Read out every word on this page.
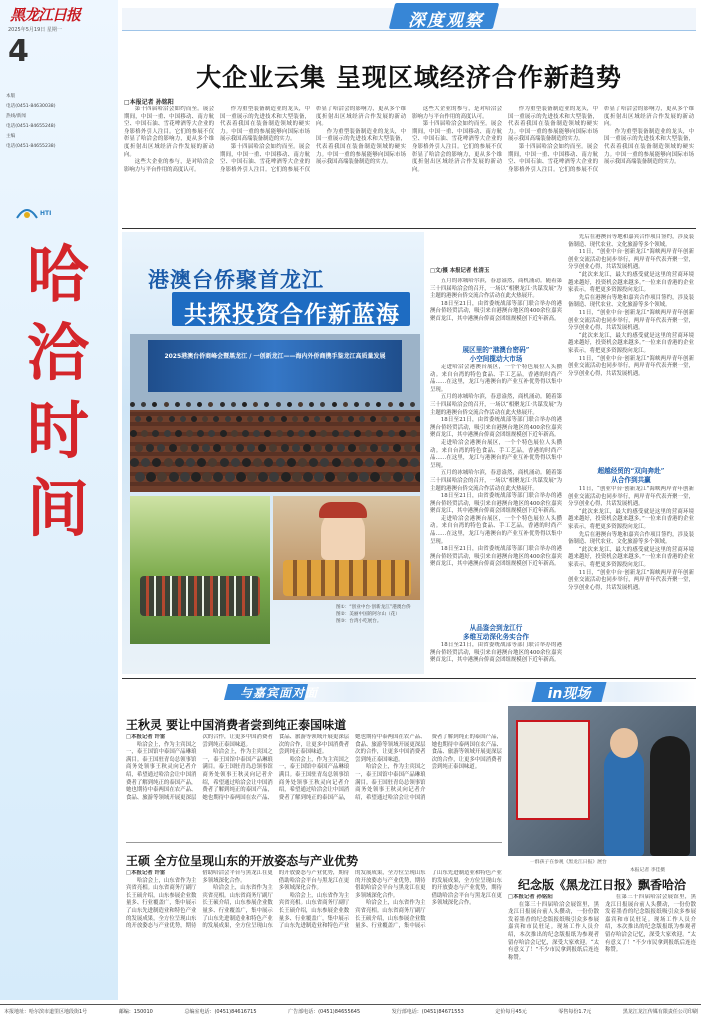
黑龙江日报
2025年5月19日 星期一
4
本版
电话(0451-84630038)
热线/新闻
电话(0451-84655248)
主编
电话(0451-84655238)
HTI
哈洽时间
深度观察
大企业云集 呈现区域经济合作新趋势
□本报记者 孙铭阳

第十四届哈洽会如约而至。展会期间，中国一重、中国移动、南方航空、中国石油、雪花啤酒等大企业的身影格外引人注目。它们的参展不仅彰显了哈洽会的影响力，更从多个维度折射出区域经济合作发展的新动向。

这些大企业的参与，是对哈洽会影响力与平台作用的高度认可。

作为重型装备制造业的龙头，中国一重展示的先进技术和大型装备，代表着我国在装备制造领域的硬实力。中国一重的参展能够向国际市场展示我国高端装备制造的实力。

第十四届哈洽会如约而至。展会期间，中国一重、中国移动、南方航空、中国石油、雪花啤酒等大企业的身影格外引人注目。它们的参展不仅彰显了哈洽会的影响力，更从多个维度折射出区域经济合作发展的新动向。

作为重型装备制造业的龙头，中国一重展示的先进技术和大型装备，代表着我国在装备制造领域的硬实力。中国一重的参展能够向国际市场展示我国高端装备制造的实力。

这些大企业的参与，是对哈洽会影响力与平台作用的高度认可。

第十四届哈洽会如约而至。展会期间，中国一重、中国移动、南方航空、中国石油、雪花啤酒等大企业的身影格外引人注目。它们的参展不仅彰显了哈洽会的影响力，更从多个维度折射出区域经济合作发展的新动向。

作为重型装备制造业的龙头，中国一重展示的先进技术和大型装备，代表着我国在装备制造领域的硬实力。中国一重的参展能够向国际市场展示我国高端装备制造的实力。

第十四届哈洽会如约而至。展会期间，中国一重、中国移动、南方航空、中国石油、雪花啤酒等大企业的身影格外引人注目。它们的参展不仅彰显了哈洽会的影响力，更从多个维度折射出区域经济合作发展的新动向。

作为重型装备制造业的龙头，中国一重展示的先进技术和大型装备，代表着我国在装备制造领域的硬实力。中国一重的参展能够向国际市场展示我国高端装备制造的实力。

港澳台侨聚首龙江
共探投资合作新蓝海
2025港澳台侨商峰会暨黑龙江 / 一创新龙江——海内外侨商携手鉴龙江高质量发展
图①：“创业中台·创新龙江”港澳台侨
图②：美丽中国的阿尔山（花）
图③：台湾小吃展台。
□文/摄 本报记者 杜清玉

五月的冰城哈尔滨，春意盎然，商机涌动。随着第三十四届哈洽会的召开，一场以“相聚龙江·共谋发展”为主题的港澳台侨交流合作活动在此火热展开。

18日至21日，由省委统战部等部门联合举办的港澳台侨经贸活动，吸引来自港澳台地区的400余位嘉宾聚首龙江，其中港澳台侨商会团组规模创下近年新高。

展区里的“港澳台密码”
小空间揽动大市场

走进哈洽会港澳台展区，一个个特色展位人头攒动。来自台湾的特色食品、手工艺品，香港的时尚产品……在这里，龙江与港澳台的产业互补优势得以集中呈现。

五月的冰城哈尔滨，春意盎然，商机涌动。随着第三十四届哈洽会的召开，一场以“相聚龙江·共谋发展”为主题的港澳台侨交流合作活动在此火热展开。

18日至21日，由省委统战部等部门联合举办的港澳台侨经贸活动，吸引来自港澳台地区的400余位嘉宾聚首龙江，其中港澳台侨商会团组规模创下近年新高。

走进哈洽会港澳台展区，一个个特色展位人头攒动。来自台湾的特色食品、手工艺品，香港的时尚产品……在这里，龙江与港澳台的产业互补优势得以集中呈现。

五月的冰城哈尔滨，春意盎然，商机涌动。随着第三十四届哈洽会的召开，一场以“相聚龙江·共谋发展”为主题的港澳台侨交流合作活动在此火热展开。

18日至21日，由省委统战部等部门联合举办的港澳台侨经贸活动，吸引来自港澳台地区的400余位嘉宾聚首龙江，其中港澳台侨商会团组规模创下近年新高。

走进哈洽会港澳台展区，一个个特色展位人头攒动。来自台湾的特色食品、手工艺品，香港的时尚产品……在这里，龙江与港澳台的产业互补优势得以集中呈现。

18日至21日，由省委统战部等部门联合举办的港澳台侨经贸活动，吸引来自港澳台地区的400余位嘉宾聚首龙江，其中港澳台侨商会团组规模创下近年新高。

从品鉴会到龙江行
多维互动深化务实合作

18日至21日，由省委统战部等部门联合举办的港澳台侨经贸活动，吸引来自港澳台地区的400余位嘉宾聚首龙江，其中港澳台侨商会团组规模创下近年新高。

先后在港澳台等地和嘉宾合作项目签约，涉及装备制造、现代农业、文化旅游等多个领域。

11日，“创业中台·创新龙江”海峡两岸青年创新创业交流活动也同步举行，两岸青年代表齐聚一堂，分享创业心得，共话发展机遇。

“此次来龙江，最大的感受就是这里的营商环境越来越好，投资机会越来越多。”一位来自香港的企业家表示，将把更多资源投向龙江。

先后在港澳台等地和嘉宾合作项目签约，涉及装备制造、现代农业、文化旅游等多个领域。

11日，“创业中台·创新龙江”海峡两岸青年创新创业交流活动也同步举行，两岸青年代表齐聚一堂，分享创业心得，共话发展机遇。

“此次来龙江，最大的感受就是这里的营商环境越来越好，投资机会越来越多。”一位来自香港的企业家表示，将把更多资源投向龙江。

11日，“创业中台·创新龙江”海峡两岸青年创新创业交流活动也同步举行，两岸青年代表齐聚一堂，分享创业心得，共话发展机遇。

超越经贸的“双向奔赴”
从合作到共赢

11日，“创业中台·创新龙江”海峡两岸青年创新创业交流活动也同步举行，两岸青年代表齐聚一堂，分享创业心得，共话发展机遇。

“此次来龙江，最大的感受就是这里的营商环境越来越好，投资机会越来越多。”一位来自香港的企业家表示，将把更多资源投向龙江。

先后在港澳台等地和嘉宾合作项目签约，涉及装备制造、现代农业、文化旅游等多个领域。

“此次来龙江，最大的感受就是这里的营商环境越来越好，投资机会越来越多。”一位来自香港的企业家表示，将把更多资源投向龙江。

11日，“创业中台·创新龙江”海峡两岸青年创新创业交流活动也同步举行，两岸青年代表齐聚一堂，分享创业心得，共话发展机遇。

与嘉宾面对面
王秋灵 要让中国消费者尝到纯正泰国味道

□本报记者 许雷

哈洽会上，作为主宾国之一，泰王国馆中泰国产品琳琅满目。泰王国驻青岛总领事馆商务处领事王秋灵向记者介绍，希望通过哈洽会让中国消费者了解到纯正的泰国产品，她也期待中泰两国在农产品、食品、旅游等领域开展更深层次的合作，让更多中国消费者尝到纯正泰国味道。

哈洽会上，作为主宾国之一，泰王国馆中泰国产品琳琅满目。泰王国驻青岛总领事馆商务处领事王秋灵向记者介绍，希望通过哈洽会让中国消费者了解到纯正的泰国产品，她也期待中泰两国在农产品、食品、旅游等领域开展更深层次的合作，让更多中国消费者尝到纯正泰国味道。

哈洽会上，作为主宾国之一，泰王国馆中泰国产品琳琅满目。泰王国驻青岛总领事馆商务处领事王秋灵向记者介绍，希望通过哈洽会让中国消费者了解到纯正的泰国产品，她也期待中泰两国在农产品、食品、旅游等领域开展更深层次的合作，让更多中国消费者尝到纯正泰国味道。

哈洽会上，作为主宾国之一，泰王国馆中泰国产品琳琅满目。泰王国驻青岛总领事馆商务处领事王秋灵向记者介绍，希望通过哈洽会让中国消费者了解到纯正的泰国产品，她也期待中泰两国在农产品、食品、旅游等领域开展更深层次的合作，让更多中国消费者尝到纯正泰国味道。

王硕 全方位呈现山东的开放姿态与产业优势

□本报记者 许雷

哈洽会上，山东省作为主宾省亮相。山东省商务厅副厅长王硕介绍，山东参展企业数量多、行业覆盖广，集中展示了山东先进制造业和特色产业的发展成果，全方位呈现山东的开放姿态与产业优势，期待借助哈洽会平台与黑龙江在更多领域深化合作。

哈洽会上，山东省作为主宾省亮相。山东省商务厅副厅长王硕介绍，山东参展企业数量多、行业覆盖广，集中展示了山东先进制造业和特色产业的发展成果，全方位呈现山东的开放姿态与产业优势，期待借助哈洽会平台与黑龙江在更多领域深化合作。

哈洽会上，山东省作为主宾省亮相。山东省商务厅副厅长王硕介绍，山东参展企业数量多、行业覆盖广，集中展示了山东先进制造业和特色产业的发展成果，全方位呈现山东的开放姿态与产业优势，期待借助哈洽会平台与黑龙江在更多领域深化合作。

哈洽会上，山东省作为主宾省亮相。山东省商务厅副厅长王硕介绍，山东参展企业数量多、行业覆盖广，集中展示了山东先进制造业和特色产业的发展成果，全方位呈现山东的开放姿态与产业优势，期待借助哈洽会平台与黑龙江在更多领域深化合作。

in现场
一群孩子在参观《黑龙江日报》展台
本报记者 李佳摄
纪念版《黑龙江日报》飘香哈洽

□本报记者 孙铭阳

在第三十四届哈洽会展馆里，黑龙江日报展台前人头攒动，一份份散发着墨香的纪念版报纸吸引众多参展嘉宾和市民驻足。现场工作人员介绍，本次推出的纪念版报纸为参观者留存哈洽会记忆，深受大家欢迎。“太有意义了！”不少市民拿到报纸后连连称赞。

在第三十四届哈洽会展馆里，黑龙江日报展台前人头攒动，一份份散发着墨香的纪念版报纸吸引众多参展嘉宾和市民驻足。现场工作人员介绍，本次推出的纪念版报纸为参观者留存哈洽会记忆，深受大家欢迎。“太有意义了！”不少市民拿到报纸后连连称赞。

本报地址：哈尔滨市道里区地段街1号	邮编：150010	总编室电话：(0451)84616715	广告部电话：(0451)84655645	发行部电话：(0451)84671553	定价每月45元	零售每份1.7元	黑龙江龙江传媒有限责任公司印刷
